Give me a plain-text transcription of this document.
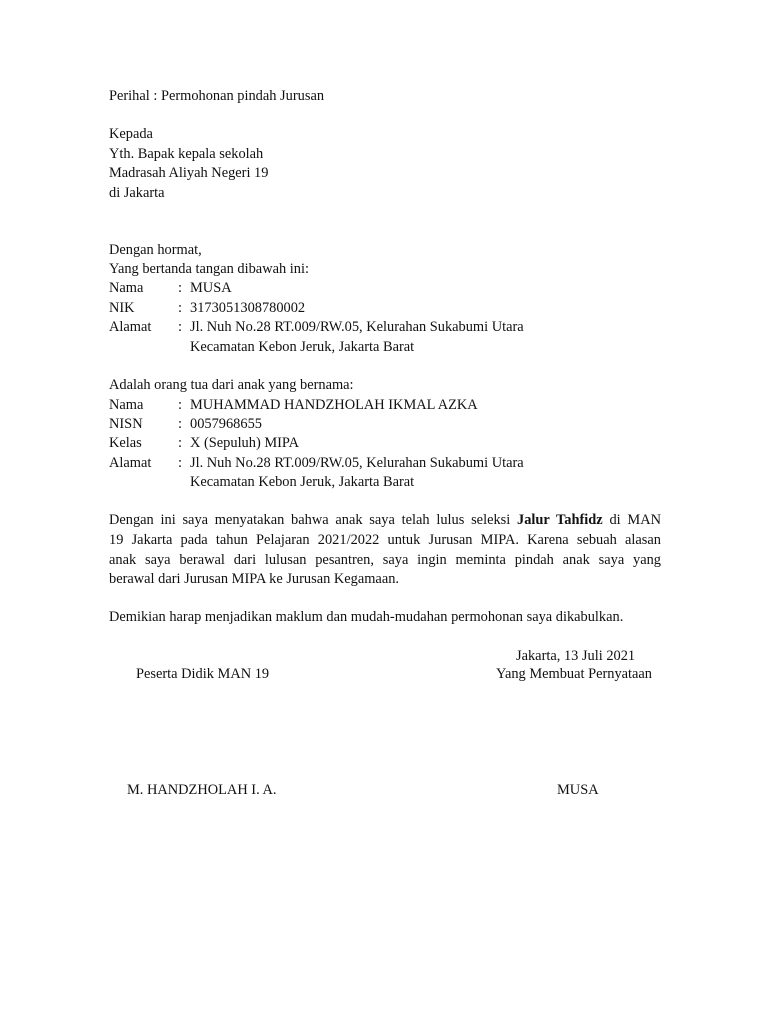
Perihal : Permohonan pindah Jurusan
Kepada
Yth. Bapak kepala sekolah
Madrasah Aliyah Negeri 19
di Jakarta
Dengan hormat,
Yang bertanda tangan dibawah ini:
Nama : MUSA
NIK	: 3173051308780002
Alamat : Jl. Nuh No.28 RT.009/RW.05, Kelurahan Sukabumi Utara
Kecamatan Kebon Jeruk, Jakarta Barat
Adalah orang tua dari anak yang bernama:
Nama : MUHAMMAD HANDZHOLAH IKMAL AZKA
NISN : 0057968655
Kelas	: X (Sepuluh) MIPA
Alamat : Jl. Nuh No.28 RT.009/RW.05, Kelurahan Sukabumi Utara
Kecamatan Kebon Jeruk, Jakarta Barat
Dengan ini saya menyatakan bahwa anak saya telah lulus seleksi Jalur Tahfidz di MAN
19 Jakarta pada tahun Pelajaran 2021/2022 untuk Jurusan MIPA. Karena sebuah alasan
anak saya berawal dari lulusan pesantren, saya ingin meminta pindah anak saya yang
berawal dari Jurusan MIPA ke Jurusan Kegamaan.
Demikian harap menjadikan maklum dan mudah-mudahan permohonan saya dikabulkan.
Jakarta, 13 Juli 2021
Peserta Didik MAN 19	Yang Membuat Pernyataan
M. HANDZHOLAH I. A.	MUSA
